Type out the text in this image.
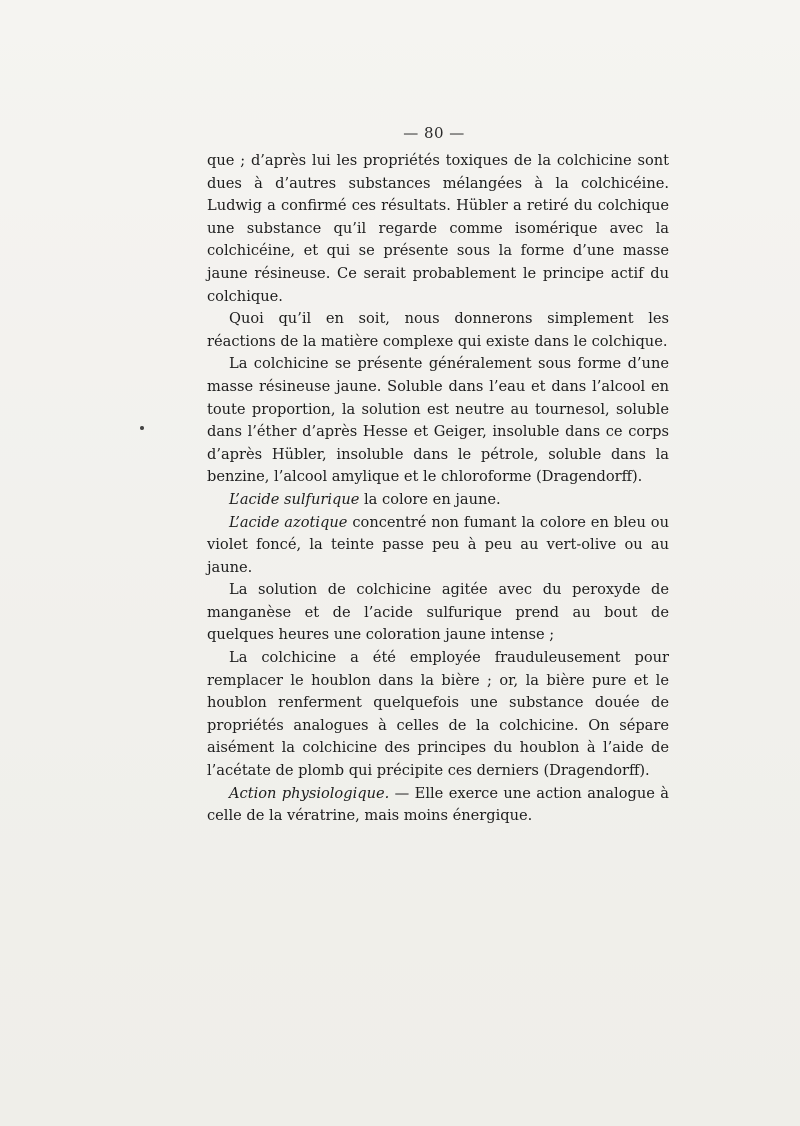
— 80 —

que ; d’après lui les propriétés toxiques de la colchicine sont dues à d’autres substances mélangées à la colchicéine. Ludwig a confirmé ces résultats. Hübler a retiré du colchique une substance qu’il regarde comme isomérique avec la colchicéine, et qui se présente sous la forme d’une masse jaune résineuse. Ce serait probablement le principe actif du colchique.

Quoi qu’il en soit, nous donnerons simplement les réactions de la matière complexe qui existe dans le colchique.

La colchicine se présente généralement sous forme d’une masse résineuse jaune. Soluble dans l’eau et dans l’alcool en toute proportion, la solution est neutre au tournesol, soluble dans l’éther d’après Hesse et Geiger, insoluble dans ce corps d’après Hübler, insoluble dans le pétrole, soluble dans la benzine, l’alcool amylique et le chloroforme (Dragendorff).

L’acide sulfurique la colore en jaune.

L’acide azotique concentré non fumant la colore en bleu ou violet foncé, la teinte passe peu à peu au vert-olive ou au jaune.

La solution de colchicine agitée avec du peroxyde de manganèse et de l’acide sulfurique prend au bout de quelques heures une coloration jaune intense ;

La colchicine a été employée frauduleusement pour remplacer le houblon dans la bière ; or, la bière pure et le houblon renferment quelquefois une substance douée de propriétés analogues à celles de la colchicine. On sépare aisément la colchicine des principes du houblon à l’aide de l’acétate de plomb qui précipite ces derniers (Dragendorff).

Action physiologique. — Elle exerce une action analogue à celle de la vératrine, mais moins énergique.
